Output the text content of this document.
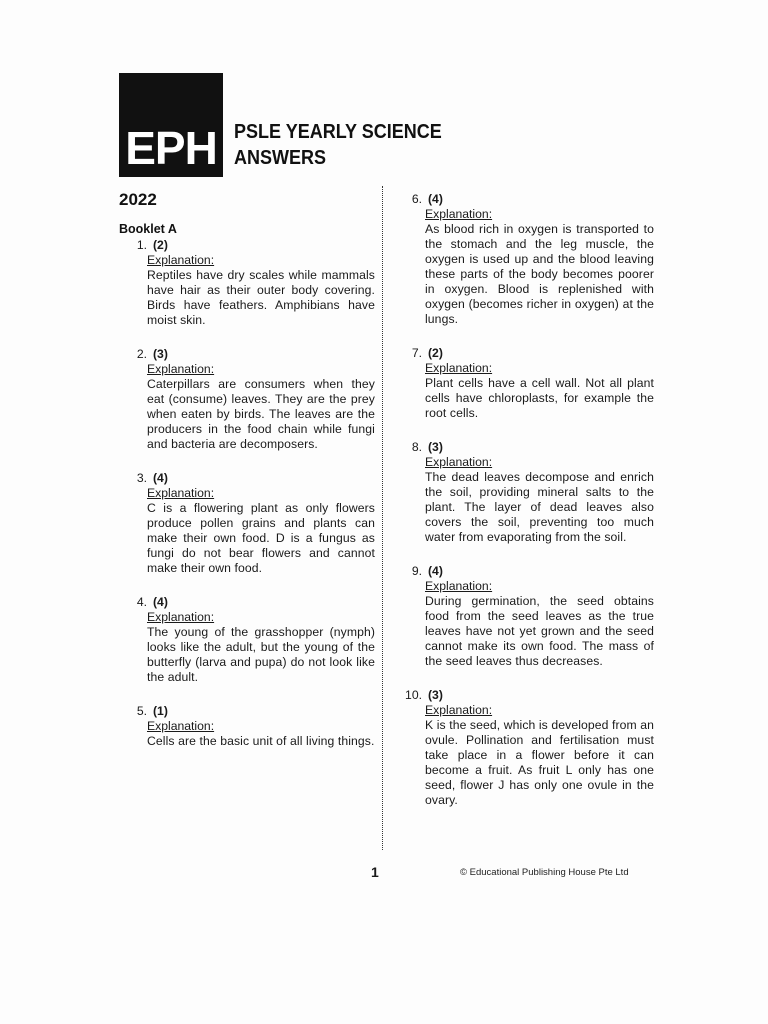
EPH PSLE YEARLY SCIENCE
ANSWERS
2022
Booklet A
1. (2)
Explanation:
Reptiles have dry scales while mammals have hair as their outer body covering. Birds have feathers. Amphibians have moist skin.
2. (3)
Explanation:
Caterpillars are consumers when they eat (consume) leaves. They are the prey when eaten by birds. The leaves are the producers in the food chain while fungi and bacteria are decomposers.
3. (4)
Explanation:
C is a flowering plant as only flowers produce pollen grains and plants can make their own food. D is a fungus as fungi do not bear flowers and cannot make their own food.
4. (4)
Explanation:
The young of the grasshopper (nymph) looks like the adult, but the young of the butterfly (larva and pupa) do not look like the adult.
5. (1)
Explanation:
Cells are the basic unit of all living things.
6. (4)
Explanation:
As blood rich in oxygen is transported to the stomach and the leg muscle, the oxygen is used up and the blood leaving these parts of the body becomes poorer in oxygen. Blood is replenished with oxygen (becomes richer in oxygen) at the lungs.
7. (2)
Explanation:
Plant cells have a cell wall. Not all plant cells have chloroplasts, for example the root cells.
8. (3)
Explanation:
The dead leaves decompose and enrich the soil, providing mineral salts to the plant. The layer of dead leaves also covers the soil, preventing too much water from evaporating from the soil.
9. (4)
Explanation:
During germination, the seed obtains food from the seed leaves as the true leaves have not yet grown and the seed cannot make its own food. The mass of the seed leaves thus decreases.
10. (3)
Explanation:
K is the seed, which is developed from an ovule. Pollination and fertilisation must take place in a flower before it can become a fruit. As fruit L only has one seed, flower J has only one ovule in the ovary.
1	© Educational Publishing House Pte Ltd
